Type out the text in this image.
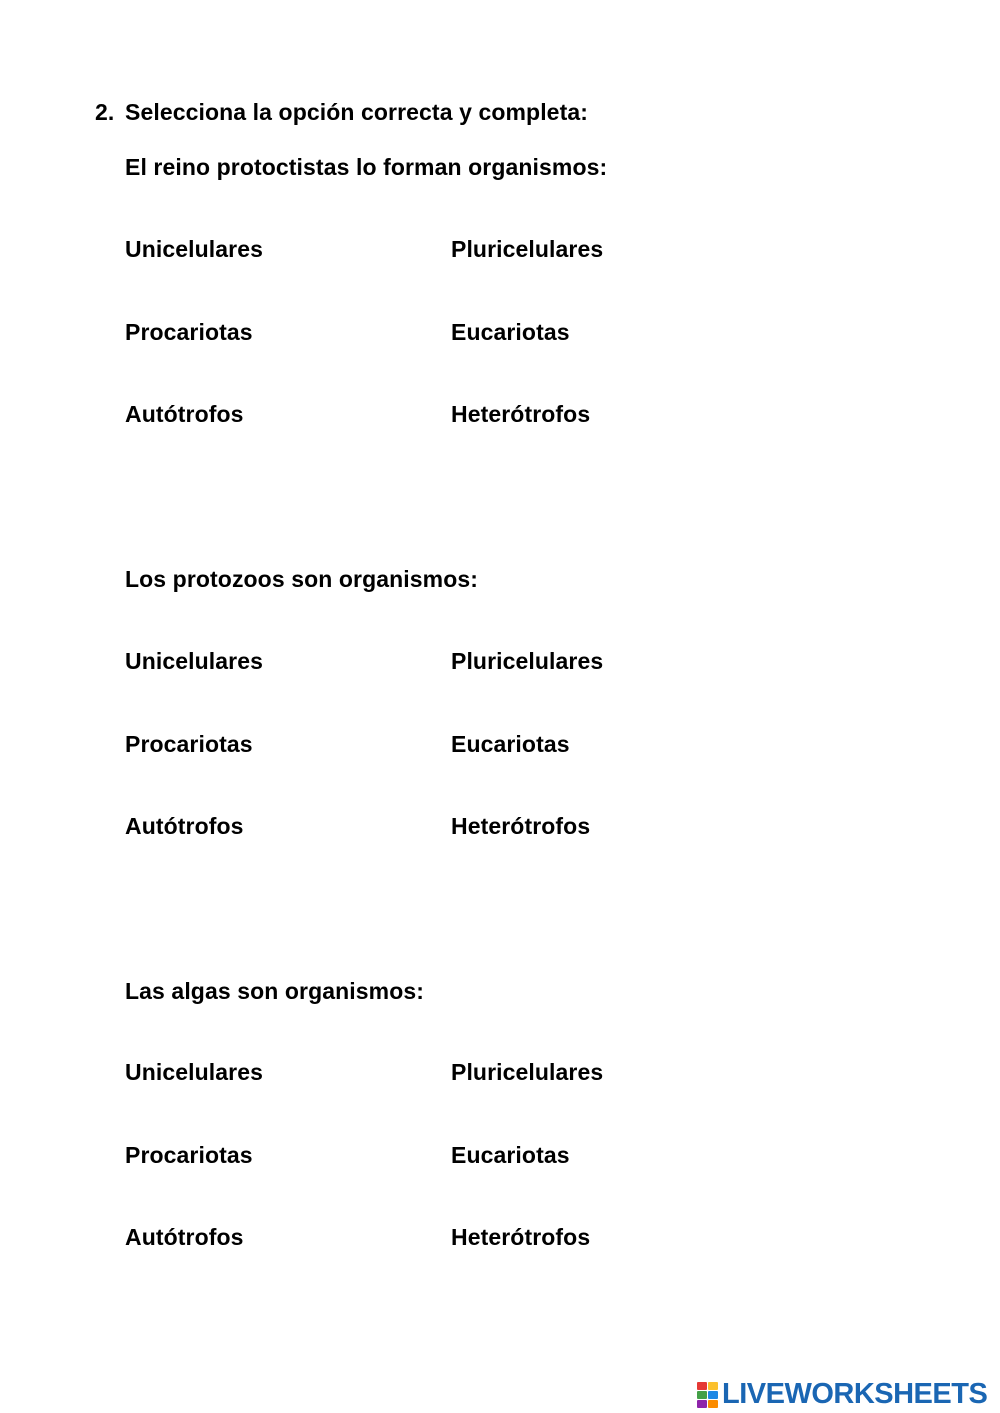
2. Selecciona la opción correcta y completa:
El reino protoctistas lo forman organismos:
Unicelulares	Pluricelulares
Procariotas	Eucariotas
Autótrofos	Heterótrofos
Los protozoos son organismos:
Unicelulares	Pluricelulares
Procariotas	Eucariotas
Autótrofos	Heterótrofos
Las algas son organismos:
Unicelulares	Pluricelulares
Procariotas	Eucariotas
Autótrofos	Heterótrofos
LIVEWORKSHEETS
